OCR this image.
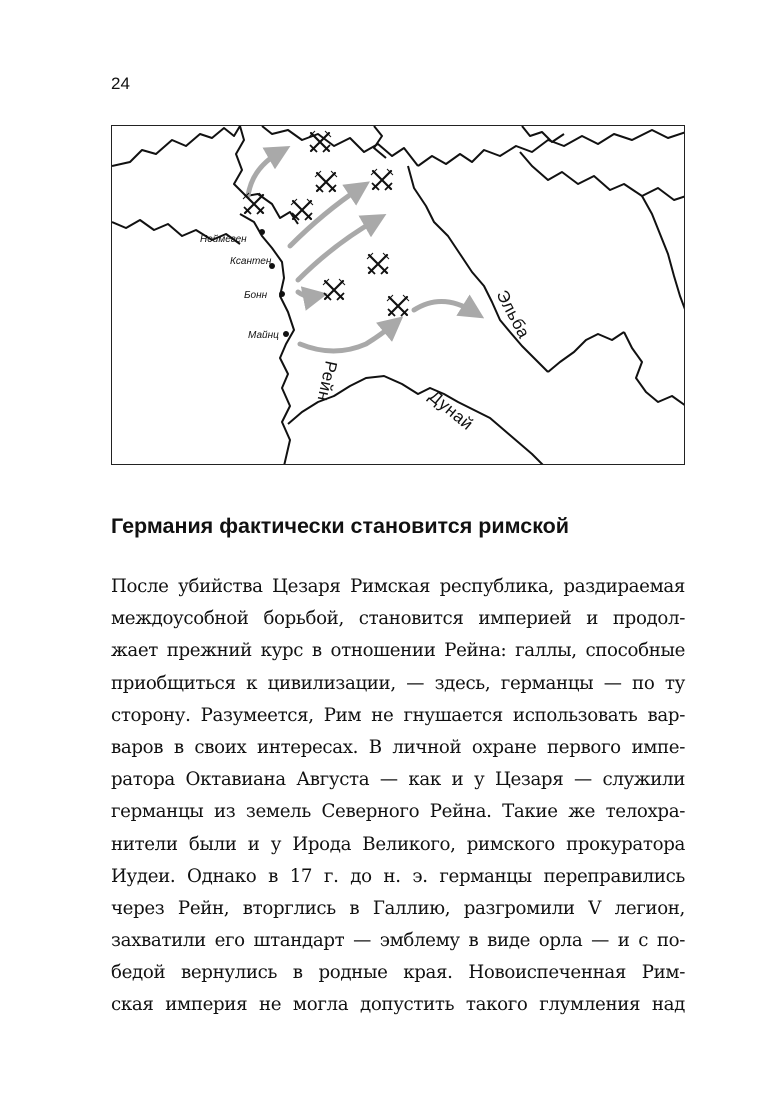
24
Неймеген
Ксантен
Бонн
Майнц	Эльба
Рейн
Дунай
Германия фактически становится римской
После убийства Цезаря Римская республика, раздираемая
междоусобной борьбой, становится империей и продол-
жает прежний курс в отношении Рейна: галлы, способные
приобщиться к цивилизации, — здесь, германцы — по ту
сторону. Разумеется, Рим не гнушается использовать вар-
варов в своих интересах. В личной охране первого импе-
ратора Октавиана Августа — как и у Цезаря — служили
германцы из земель Северного Рейна. Такие же телохра-
нители были и у Ирода Великого, римского прокуратора
Иудеи. Однако в 17 г. до н. э. германцы переправились
через Рейн, вторглись в Галлию, разгромили V легион,
захватили его штандарт — эмблему в виде орла — и с по-
бедой вернулись в родные края. Новоиспеченная Рим-
ская империя не могла допустить такого глумления над
